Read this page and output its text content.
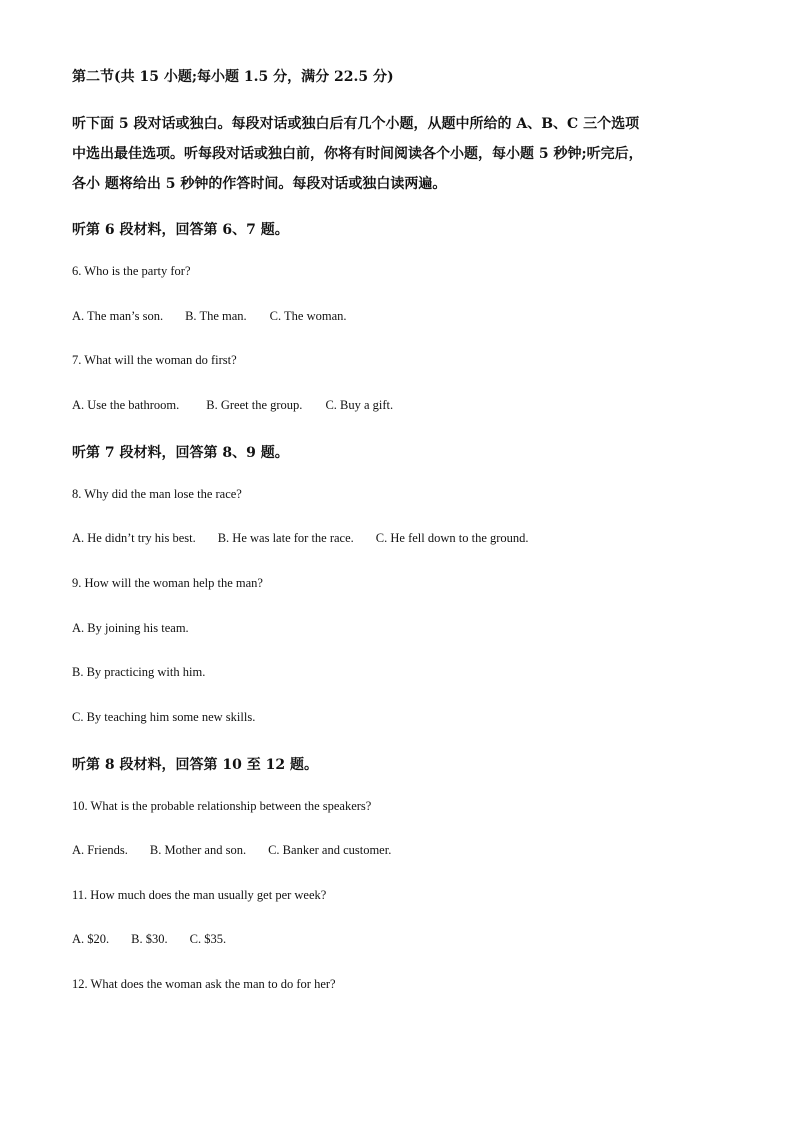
第二节(共 15 小题;每小题 1.5 分，满分 22.5 分)
听下面 5 段对话或独白。每段对话或独白后有几个小题，从题中所给的 A、B、C 三个选项
中选出最佳选项。听每段对话或独白前，你将有时间阅读各个小题，每小题 5 秒钟;听完后，
各小 题将给出 5 秒钟的作答时间。每段对话或独白读两遍。
听第 6 段材料，回答第 6、7 题。
6. Who is the party for?
A. The man’s son. B. The man. C. The woman.
7. What will the woman do first?
A. Use the bathroom. B. Greet the group. C. Buy a gift.
听第 7 段材料，回答第 8、9 题。
8. Why did the man lose the race?
A. He didn’t try his best. B. He was late for the race. C. He fell down to the ground.
9. How will the woman help the man?
A. By joining his team.
B. By practicing with him.
C. By teaching him some new skills.
听第 8 段材料，回答第 10 至 12 题。
10. What is the probable relationship between the speakers?
A. Friends. B. Mother and son. C. Banker and customer.
11. How much does the man usually get per week?
A. $20. B. $30. C. $35.
12. What does the woman ask the man to do for her?
